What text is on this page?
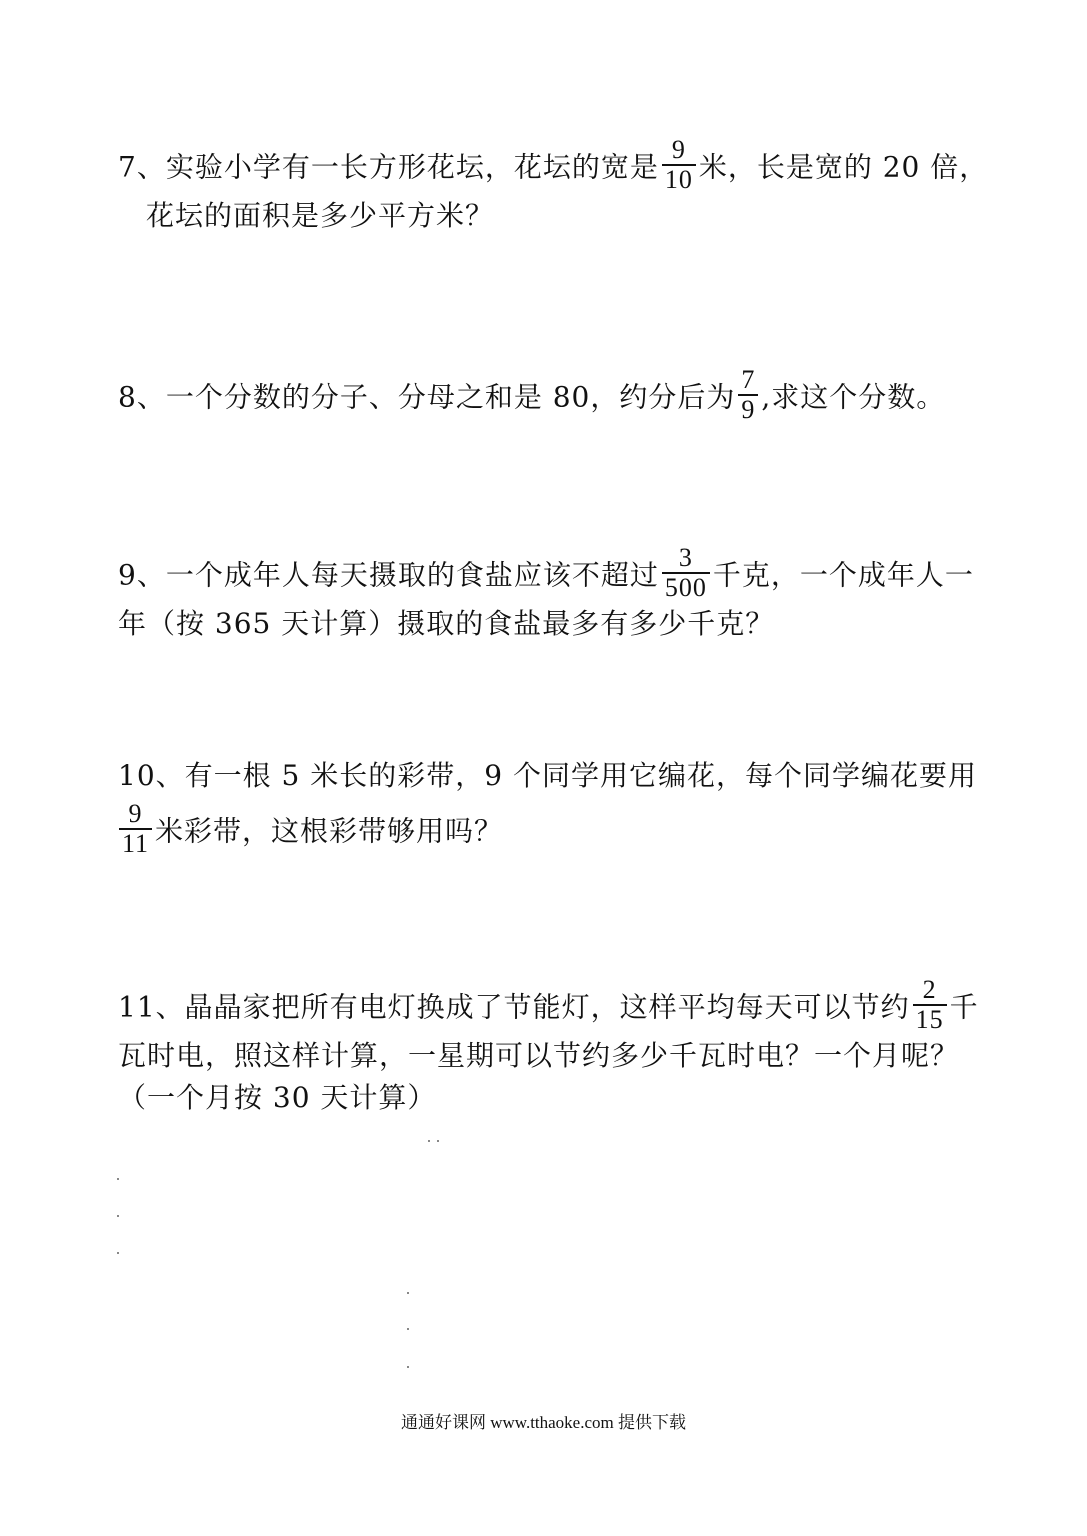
7、实验小学有一长方形花坛，花坛的宽是 $\frac{9}{10}$ 米，长是宽的 20 倍，
花坛的面积是多少平方米？
8、一个分数的分子、分母之和是 80，约分后为 $\frac{7}{9}$ ,求这个分数。
9、一个成年人每天摄取的食盐应该不超过 $\frac{3}{500}$ 千克，一个成年人一
年（按 365 天计算）摄取的食盐最多有多少千克？
10、有一根 5 米长的彩带，9 个同学用它编花，每个同学编花要用
$\frac{9}{11}$ 米彩带，这根彩带够用吗？
11、晶晶家把所有电灯换成了节能灯，这样平均每天可以节约 $\frac{2}{15}$ 千
瓦时电，照这样计算，一星期可以节约多少千瓦时电？一个月呢？
（一个月按 30 天计算）
通通好课网 www.tthaoke.com 提供下载
